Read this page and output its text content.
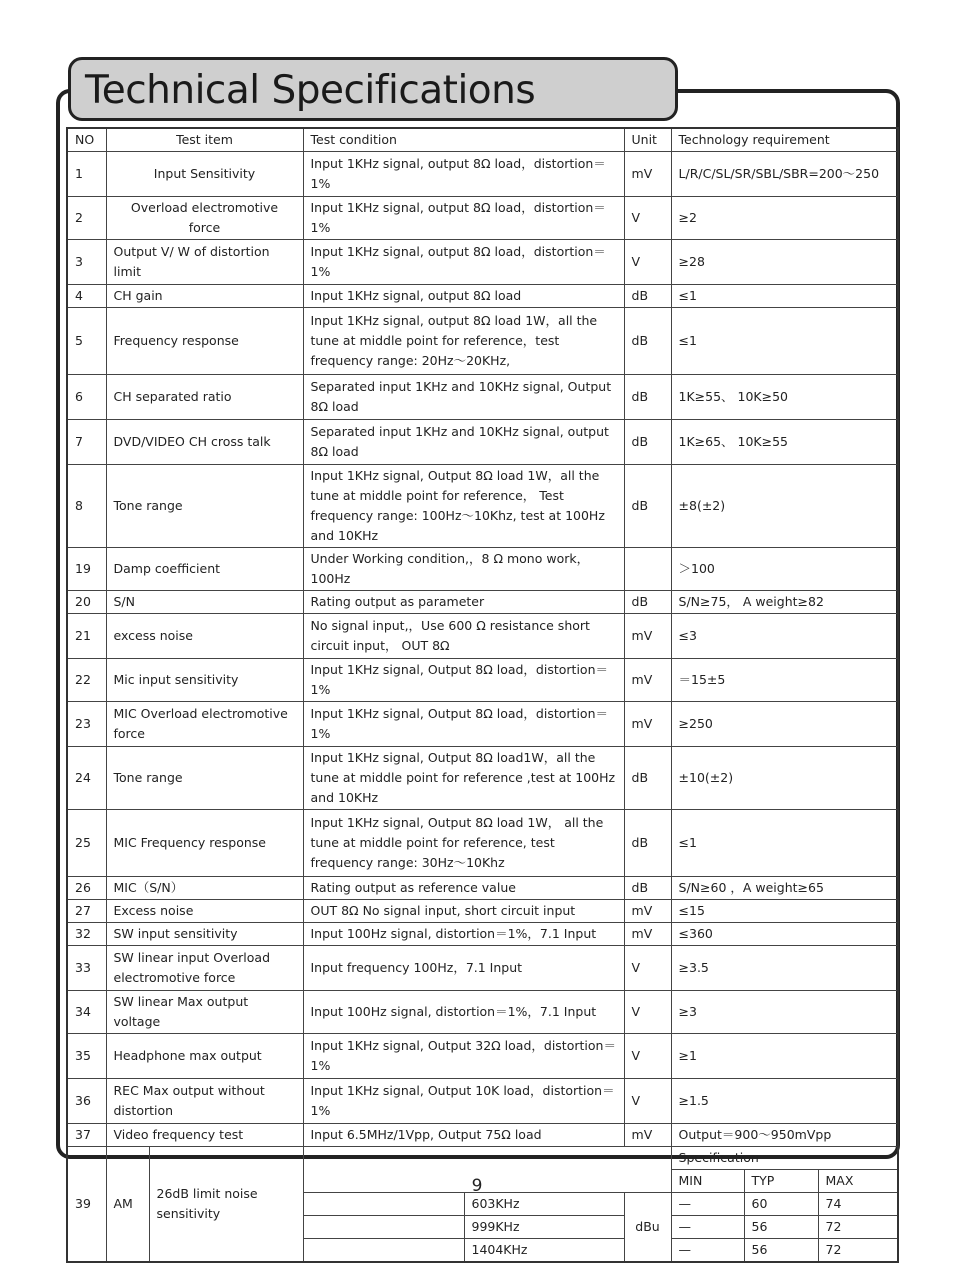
Technical Specifications
NO	Test item		Test condition		Unit	Technology requirement		
1	Input Sensitivity		Input 1KHz signal, output 8Ω load，distortion＝1%		mV	L/R/C/SL/SR/SBL/SBR=200～250		
2	Overload electromotive force		Input 1KHz signal, output 8Ω load，distortion＝1%		V	≥2		
3	Output V/ W of distortion limit		Input 1KHz signal, output 8Ω load，distortion＝1%		V	≥28		
4	CH gain		Input 1KHz signal, output 8Ω load		dB	≤1		
5	Frequency response		Input 1KHz signal, output 8Ω load 1W，all the tune at middle point for reference，test frequency range: 20Hz～20KHz,		dB	≤1		
6	CH separated ratio		Separated input 1KHz and 10KHz signal, Output 8Ω load		dB	1K≥55、 10K≥50		
7	DVD/VIDEO CH cross talk		Separated input 1KHz and 10KHz signal, output 8Ω load		dB	1K≥65、 10K≥55		
8	Tone range		Input 1KHz signal, Output 8Ω load 1W，all the tune at middle point for reference， Test frequency range: 100Hz～10Khz, test at 100Hz and 10KHz		dB	±8(±2)		
19	Damp coefficient		Under Working condition,，8 Ω mono work，100Hz			＞100		
20	S/N		Rating output as parameter		dB	S/N≥75， A weight≥82		
21	excess noise		No signal input,，Use 600 Ω resistance short circuit input， OUT 8Ω		mV	≤3		
22	Mic input sensitivity		Input 1KHz signal, Output 8Ω load，distortion＝1%		mV	＝15±5		
23	MIC Overload electromotive force		Input 1KHz signal, Output 8Ω load，distortion＝1%		mV	≥250		
24	Tone range		Input 1KHz signal, Output 8Ω load1W，all the tune at middle point for reference ,test at 100Hz and 10KHz		dB	±10(±2)		
25	MIC Frequency response		Input 1KHz signal, Output 8Ω load 1W， all the tune at middle point for reference, test frequency range: 30Hz～10Khz		dB	≤1		
26	MIC（S/N）		Rating output as reference value		dB	S/N≥60 ，A weight≥65		
27	Excess noise		OUT 8Ω No signal input, short circuit input		mV	≤15		
32	SW input sensitivity		Input 100Hz signal, distortion＝1%，7.1 Input		mV	≤360		
33	SW linear input Overload electromotive force		Input frequency 100Hz，7.1 Input		V	≥3.5		
34	SW linear Max output voltage		Input 100Hz signal, distortion＝1%，7.1 Input		V	≥3		
35	Headphone max output		Input 1KHz signal, Output 32Ω load，distortion＝1%		V	≥1		
36	REC Max output without distortion		Input 1KHz signal, Output 10K load，distortion＝1%		V	≥1.5		
37	Video frequency test		Input 6.5MHz/1Vpp, Output 75Ω load		mV	Output＝900～950mVpp		
39	AM	26dB limit noise sensitivity				Specification		
						MIN	TYP	MAX
				603KHz	dBu	—	60	74
				999KHz		—	56	72
				1404KHz		—	56	72
9
